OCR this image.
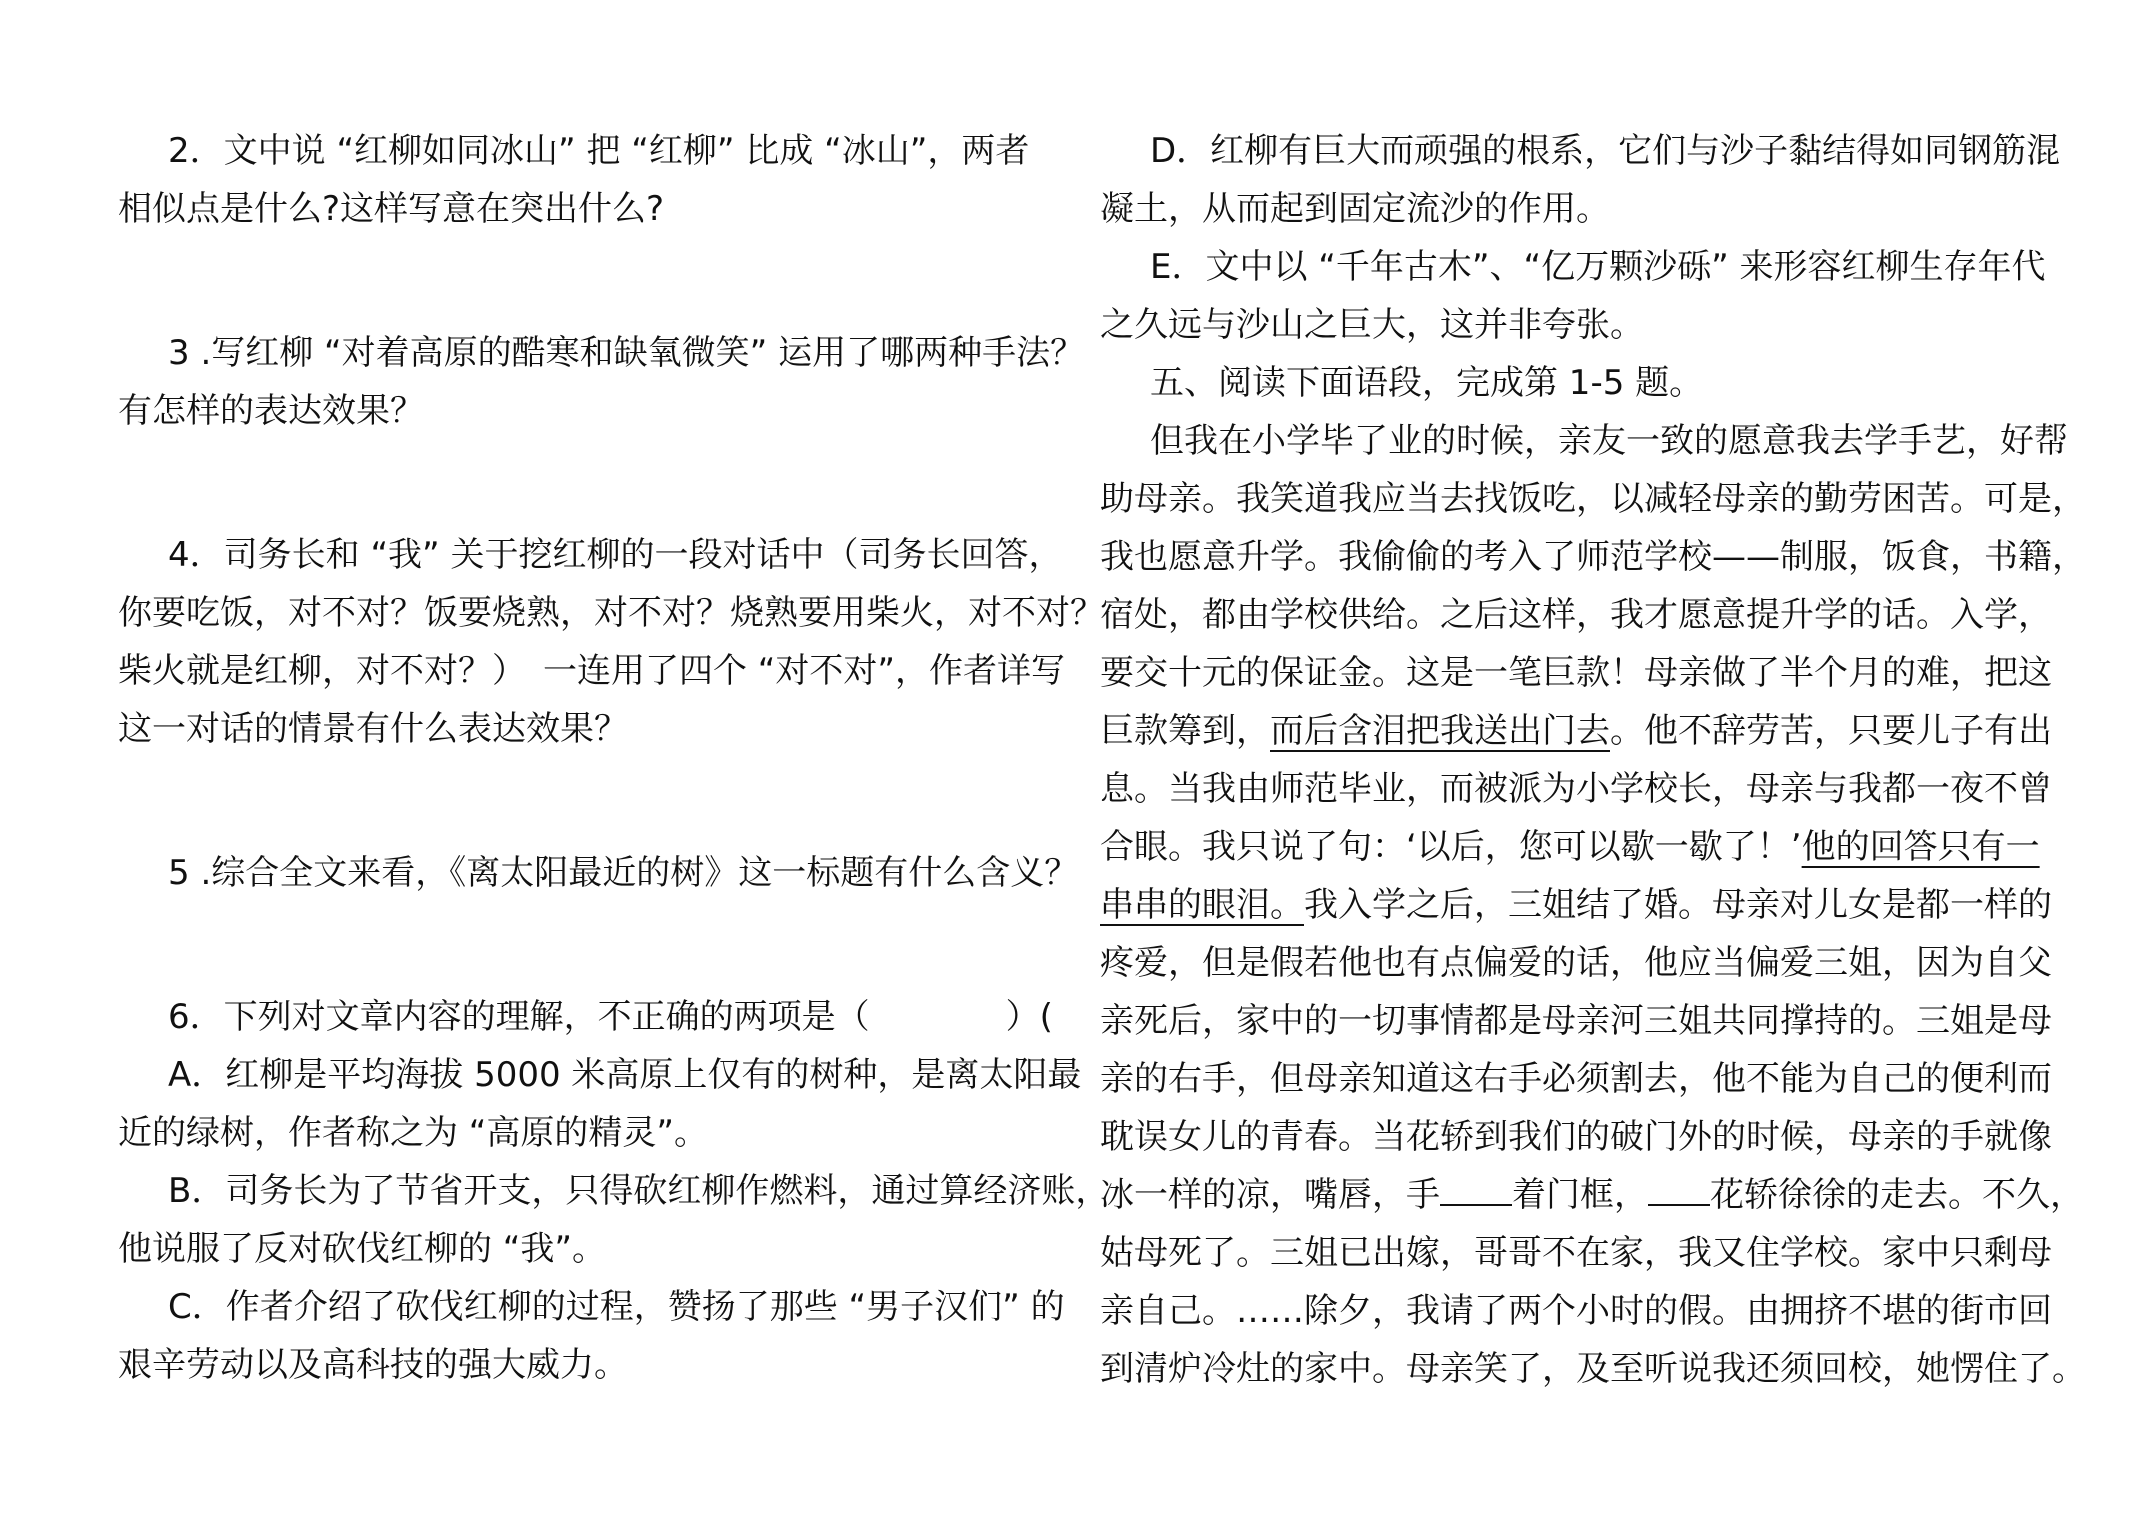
2．文中说 “红柳如同冰山” 把 “红柳” 比成 “冰山”，两者

相似点是什么?这样写意在突出什么?

3 .写红柳 “对着高原的酷寒和缺氧微笑” 运用了哪两种手法？

有怎样的表达效果？

4．司务长和 “我” 关于挖红柳的一段对话中（司务长回答，

你要吃饭，对不对？饭要烧熟，对不对？烧熟要用柴火，对不对？

柴火就是红柳，对不对？）　一连用了四个 “对不对”，作者详写

这一对话的情景有什么表达效果？

5 .综合全文来看，《离太阳最近的树》这一标题有什么含义？

6．下列对文章内容的理解，不正确的两项是（　　　　）(

A．红柳是平均海拔 5000 米高原上仅有的树种，是离太阳最

近的绿树，作者称之为 “高原的精灵”。

B．司务长为了节省开支，只得砍红柳作燃料，通过算经济账，

他说服了反对砍伐红柳的 “我”。

C．作者介绍了砍伐红柳的过程，赞扬了那些 “男子汉们” 的

艰辛劳动以及高科技的强大威力。

D．红柳有巨大而顽强的根系，它们与沙子黏结得如同钢筋混

凝土，从而起到固定流沙的作用。

E．文中以 “千年古木”、“亿万颗沙砾” 来形容红柳生存年代

之久远与沙山之巨大，这并非夸张。

五、阅读下面语段，完成第 1-5 题。

但我在小学毕了业的时候，亲友一致的愿意我去学手艺，好帮

助母亲。我笑道我应当去找饭吃，以减轻母亲的勤劳困苦。可是，

我也愿意升学。我偷偷的考入了师范学校——制服，饭食，书籍，

宿处，都由学校供给。之后这样，我才愿意提升学的话。入学，

要交十元的保证金。这是一笔巨款！母亲做了半个月的难，把这

巨款筹到，而后含泪把我送出门去。他不辞劳苦，只要儿子有出

息。当我由师范毕业，而被派为小学校长，母亲与我都一夜不曾

合眼。我只说了句：‘以后，您可以歇一歇了！’他的回答只有一

串串的眼泪。我入学之后，三姐结了婚。母亲对儿女是都一样的

疼爱，但是假若他也有点偏爱的话，他应当偏爱三姐，因为自父

亲死后，家中的一切事情都是母亲河三姐共同撑持的。三姐是母

亲的右手，但母亲知道这右手必须割去，他不能为自己的便利而

耽误女儿的青春。当花轿到我们的破门外的时候，母亲的手就像

冰一样的凉，嘴唇，手 着门框， 花轿徐徐的走去。不久，

姑母死了。三姐已出嫁，哥哥不在家，我又住学校。家中只剩母

亲自己。……除夕，我请了两个小时的假。由拥挤不堪的街市回

到清炉冷灶的家中。母亲笑了，及至听说我还须回校，她愣住了。
